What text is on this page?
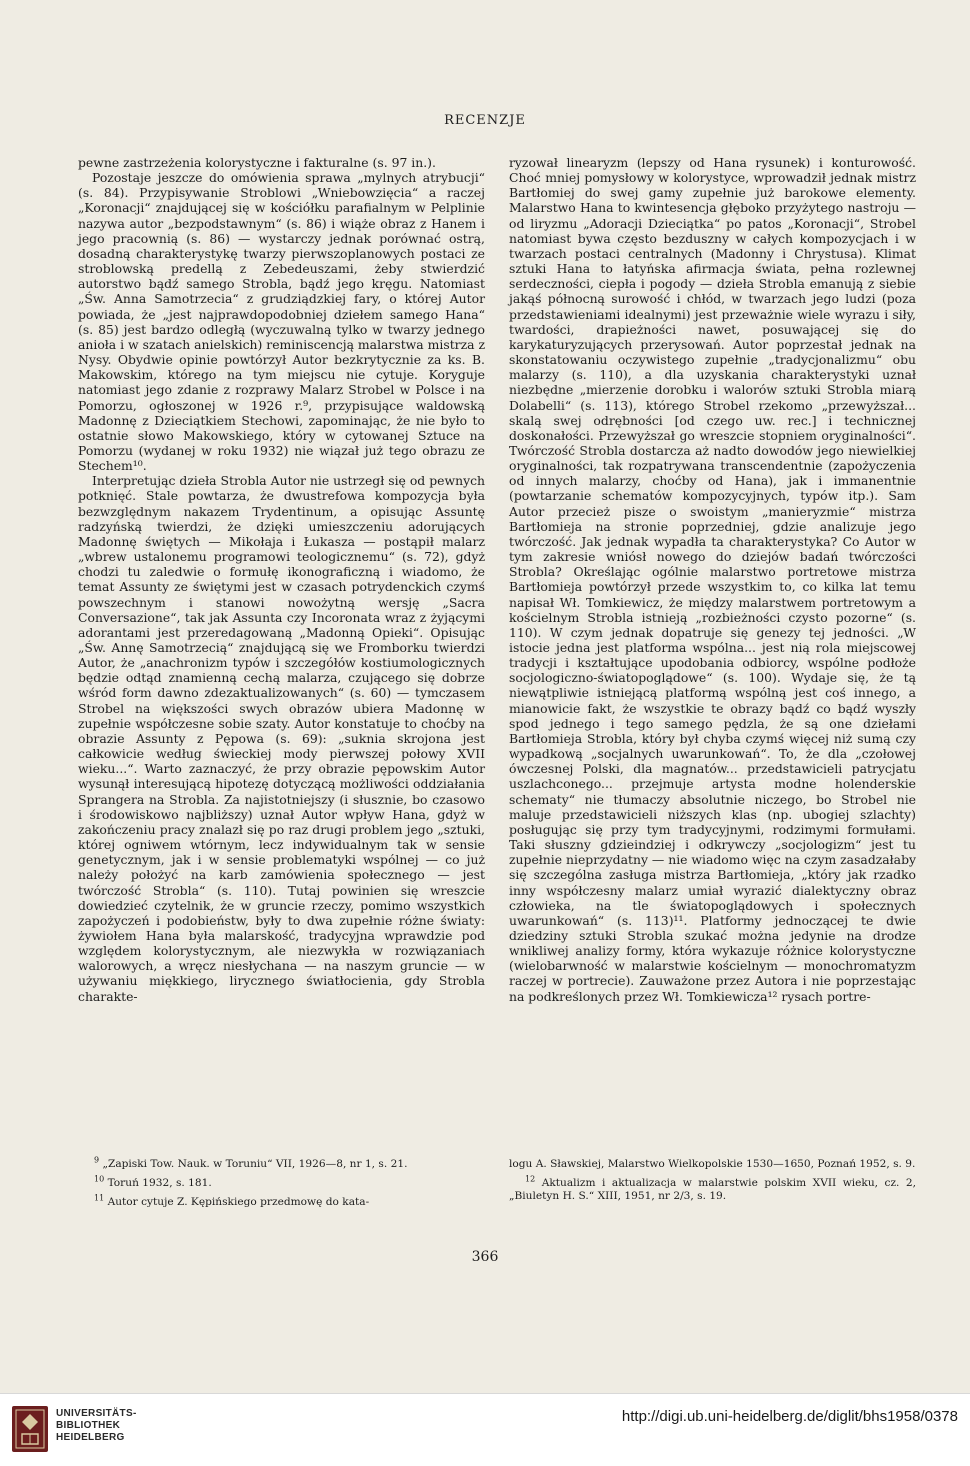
RECENZJE

pewne zastrzeżenia kolorystyczne i fakturalne (s. 97 in.).

Pozostaje jeszcze do omówienia sprawa „mylnych atrybucji“ (s. 84). Przypisywanie Stroblowi „Wniebowzięcia“ a raczej „Koronacji“ znajdującej się w kościółku parafialnym w Pelplinie nazywa autor „bezpodstawnym“ (s. 86) i wiąże obraz z Hanem i jego pracownią (s. 86) — wystarczy jednak porównać ostrą, dosadną charakterystykę twarzy pierwszoplanowych postaci ze stroblowską predellą z Zebedeuszami, żeby stwierdzić autorstwo bądź samego Strobla, bądź jego kręgu. Natomiast „Św. Anna Samotrzecia“ z grudziądzkiej fary, o której Autor powiada, że „jest najprawdopodobniej dziełem samego Hana“ (s. 85) jest bardzo odległą (wyczuwalną tylko w twarzy jednego anioła i w szatach anielskich) reminiscencją malarstwa mistrza z Nysy. Obydwie opinie powtórzył Autor bezkrytycznie za ks. B. Makowskim, którego na tym miejscu nie cytuje. Koryguje natomiast jego zdanie z rozprawy Malarz Strobel w Polsce i na Pomorzu, ogłoszonej w 1926 r.⁹, przypisujące waldowską Madonnę z Dzieciątkiem Stechowi, zapominając, że nie było to ostatnie słowo Makowskiego, który w cytowanej Sztuce na Pomorzu (wydanej w roku 1932) nie wiązał już tego obrazu ze Stechem¹⁰.

Interpretując dzieła Strobla Autor nie ustrzegł się od pewnych potknięć. Stale powtarza, że dwustrefowa kompozycja była bezwzględnym nakazem Trydentinum, a opisując Assuntę radzyńską twierdzi, że dzięki umieszczeniu adorujących Madonnę świętych — Mikołaja i Łukasza — postąpił malarz „wbrew ustalonemu programowi teologicznemu“ (s. 72), gdyż chodzi tu zaledwie o formułę ikonograficzną i wiadomo, że temat Assunty ze świętymi jest w czasach potrydenckich czymś powszechnym i stanowi nowożytną wersję „Sacra Conversazione“, tak jak Assunta czy Incoronata wraz z żyjącymi adorantami jest przeredagowaną „Madonną Opieki“. Opisując „Św. Annę Samotrzecią“ znajdującą się we Fromborku twierdzi Autor, że „anachronizm typów i szczegółów kostiumologicznych będzie odtąd znamienną cechą malarza, czującego się dobrze wśród form dawno zdezaktualizowanych“ (s. 60) — tymczasem Strobel na większości swych obrazów ubiera Madonnę w zupełnie współczesne sobie szaty. Autor konstatuje to choćby na obrazie Assunty z Pępowa (s. 69): „suknia skrojona jest całkowicie według świeckiej mody pierwszej połowy XVII wieku...“. Warto zaznaczyć, że przy obrazie pępowskim Autor wysunął interesującą hipotezę dotyczącą możliwości oddziałania Sprangera na Strobla. Za najistotniejszy (i słusznie, bo czasowo i środowiskowo najbliższy) uznał Autor wpływ Hana, gdyż w zakończeniu pracy znalazł się po raz drugi problem jego „sztuki, której ogniwem wtórnym, lecz indywidualnym tak w sensie genetycznym, jak i w sensie problematyki wspólnej — co już należy położyć na karb zamówienia społecznego — jest twórczość Strobla“ (s. 110). Tutaj powinien się wreszcie dowiedzieć czytelnik, że w gruncie rzeczy, pomimo wszystkich zapożyczeń i podobieństw, były to dwa zupełnie różne światy: żywiołem Hana była malarskość, tradycyjna wprawdzie pod względem kolorystycznym, ale niezwykła w rozwiązaniach walorowych, a wręcz niesłychana — na naszym gruncie — w używaniu miękkiego, lirycznego światłocienia, gdy Strobla charakte-

ryzował linearyzm (lepszy od Hana rysunek) i konturowość. Choć mniej pomysłowy w kolorystyce, wprowadził jednak mistrz Bartłomiej do swej gamy zupełnie już barokowe elementy. Malarstwo Hana to kwintesencja głęboko przyżytego nastroju — od liryzmu „Adoracji Dzieciątka“ po patos „Koronacji“, Strobel natomiast bywa często bezduszny w całych kompozycjach i w twarzach postaci centralnych (Madonny i Chrystusa). Klimat sztuki Hana to łatyńska afirmacja świata, pełna rozlewnej serdeczności, ciepła i pogody — dzieła Strobla emanują z siebie jakąś północną surowość i chłód, w twarzach jego ludzi (poza przedstawieniami idealnymi) jest przeważnie wiele wyrazu i siły, twardości, drapieżności nawet, posuwającej się do karykaturyzujących przerysowań. Autor poprzestał jednak na skonstatowaniu oczywistego zupełnie „tradycjonalizmu“ obu malarzy (s. 110), a dla uzyskania charakterystyki uznał niezbędne „mierzenie dorobku i walorów sztuki Strobla miarą Dolabelli“ (s. 113), którego Strobel rzekomo „przewyższał... skalą swej odrębności [od czego uw. rec.] i technicznej doskonałości. Przewyższał go wreszcie stopniem oryginalności“. Twórczość Strobla dostarcza aż nadto dowodów jego niewielkiej oryginalności, tak rozpatrywana transcendentnie (zapożyczenia od innych malarzy, choćby od Hana), jak i immanentnie (powtarzanie schematów kompozycyjnych, typów itp.). Sam Autor przecież pisze o swoistym „manieryzmie“ mistrza Bartłomieja na stronie poprzedniej, gdzie analizuje jego twórczość. Jak jednak wypadła ta charakterystyka? Co Autor w tym zakresie wniósł nowego do dziejów badań twórczości Strobla? Określając ogólnie malarstwo portretowe mistrza Bartłomieja powtórzył przede wszystkim to, co kilka lat temu napisał Wł. Tomkiewicz, że między malarstwem portretowym a kościelnym Strobla istnieją „rozbieżności czysto pozorne“ (s. 110). W czym jednak dopatruje się genezy tej jedności. „W istocie jedna jest platforma wspólna... jest nią rola miejscowej tradycji i kształtujące upodobania odbiorcy, wspólne podłoże socjologiczno-światopoglądowe“ (s. 100). Wydaje się, że tą niewątpliwie istniejącą platformą wspólną jest coś innego, a mianowicie fakt, że wszystkie te obrazy bądź co bądź wyszły spod jednego i tego samego pędzla, że są one dziełami Bartłomieja Strobla, który był chyba czymś więcej niż sumą czy wypadkową „socjalnych uwarunkowań“. To, że dla „czołowej ówczesnej Polski, dla magnatów... przedstawicieli patrycjatu uszlachconego... przejmuje artysta modne holenderskie schematy“ nie tłumaczy absolutnie niczego, bo Strobel nie maluje przedstawicieli niższych klas (np. ubogiej szlachty) posługując się przy tym tradycyjnymi, rodzimymi formułami. Taki słuszny gdzieindziej i odkrywczy „socjologizm“ jest tu zupełnie nieprzydatny — nie wiadomo więc na czym zasadzałaby się szczególna zasługa mistrza Bartłomieja, „który jak rzadko inny współczesny malarz umiał wyrazić dialektyczny obraz człowieka, na tle światopoglądowych i społecznych uwarunkowań“ (s. 113)¹¹. Platformy jednoczącej te dwie dziedziny sztuki Strobla szukać można jedynie na drodze wnikliwej analizy formy, która wykazuje różnice kolorystyczne (wielobarwność w malarstwie kościelnym — monochromatyzm raczej w portrecie). Zauważone przez Autora i nie poprzestając na podkreślonych przez Wł. Tomkiewicza¹² rysach portre-

$^9$ „Zapiski Tow. Nauk. w Toruniu“ VII, 1926—8, nr 1, s. 21.

$^{10}$ Toruń 1932, s. 181.

$^{11}$ Autor cytuje Z. Kępińskiego przedmowę do kata-

logu A. Sławskiej, Malarstwo Wielkopolskie 1530—1650, Poznań 1952, s. 9.

$^{12}$ Aktualizm i aktualizacja w malarstwie polskim XVII wieku, cz. 2, „Biuletyn H. S.“ XIII, 1951, nr 2/3, s. 19.

366
UNIVERSITÄTS-
BIBLIOTHEK
HEIDELBERG
http://digi.ub.uni-heidelberg.de/diglit/bhs1958/0378
